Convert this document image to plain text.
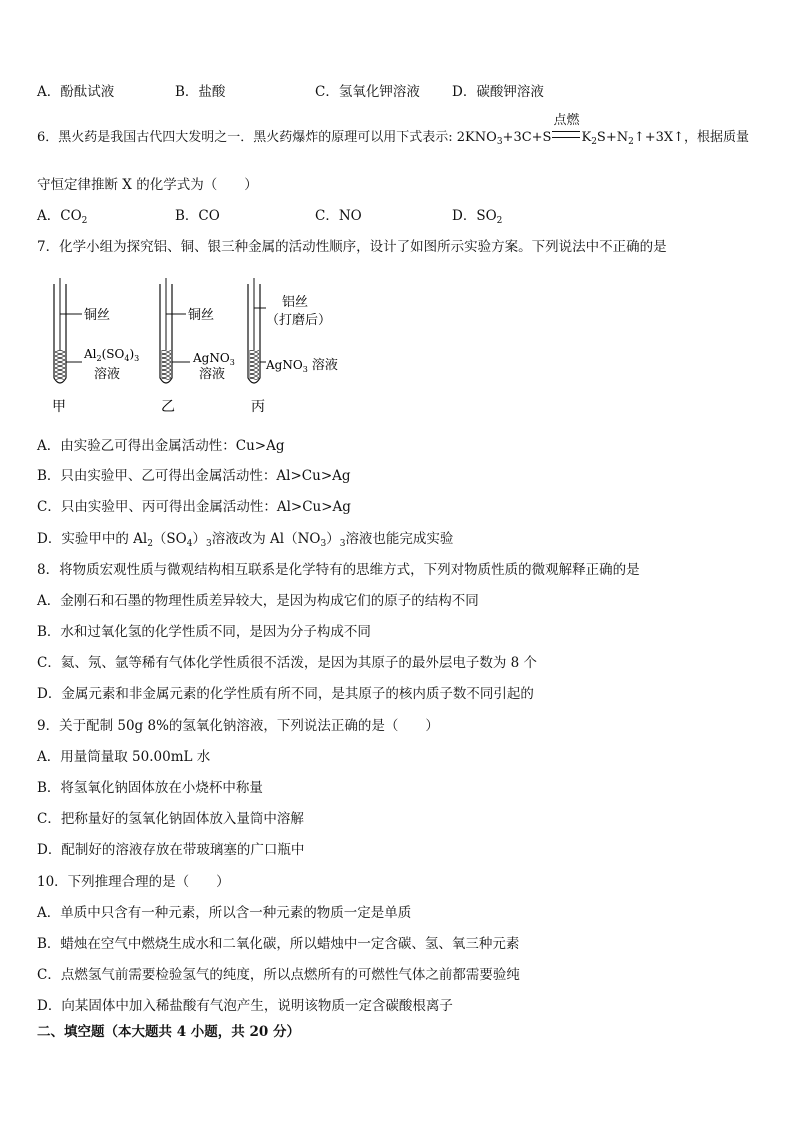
A．酚酞试液	B．盐酸	C．氢氧化钾溶液 D．碳酸钾溶液
6．黑火药是我国古代四大发明之一．黑火药爆炸的原理可以用下式表示: $2KNO_3+3C+S$
点燃
$K_2S+N_2↑+3X↑$，根据质量
守恒定律推断 X 的化学式为（　　）
A．$CO_2$	B．CO	C．NO	D．$SO_2$
7．化学小组为探究铝、铜、银三种金属的活动性顺序，设计了如图所示实验方案。下列说法中不正确的是
铜丝
$Al_2(SO_4)_3$
溶液
铜丝
AgNO$_3$
溶液
铝丝
（打磨后）
AgNO$_3$ 溶液
甲	乙	丙
A．由实验乙可得出金属活动性：Cu>Ag
B．只由实验甲、乙可得出金属活动性：Al>Cu>Ag
C．只由实验甲、丙可得出金属活动性：Al>Cu>Ag
D．实验甲中的 $Al_2(SO_4)_3$溶液改为 $Al(NO_3)_3$溶液也能完成实验
8．将物质宏观性质与微观结构相互联系是化学特有的思维方式，下列对物质性质的微观解释正确的是
A．金刚石和石墨的物理性质差异较大，是因为构成它们的原子的结构不同
B．水和过氧化氢的化学性质不同，是因为分子构成不同
C．氦、氖、氩等稀有气体化学性质很不活泼，是因为其原子的最外层电子数为 8 个
D．金属元素和非金属元素的化学性质有所不同，是其原子的核内质子数不同引起的
9．关于配制 50g 8%的氢氧化钠溶液，下列说法正确的是（　　）
A．用量筒量取 50.00mL 水
B．将氢氧化钠固体放在小烧杯中称量
C．把称量好的氢氧化钠固体放入量筒中溶解
D．配制好的溶液存放在带玻璃塞的广口瓶中
10．下列推理合理的是（　　）
A．单质中只含有一种元素，所以含一种元素的物质一定是单质
B．蜡烛在空气中燃烧生成水和二氧化碳，所以蜡烛中一定含碳、氢、氧三种元素
C．点燃氢气前需要检验氢气的纯度，所以点燃所有的可燃性气体之前都需要验纯
D．向某固体中加入稀盐酸有气泡产生，说明该物质一定含碳酸根离子
二、填空题（本大题共 4 小题，共 20 分）
